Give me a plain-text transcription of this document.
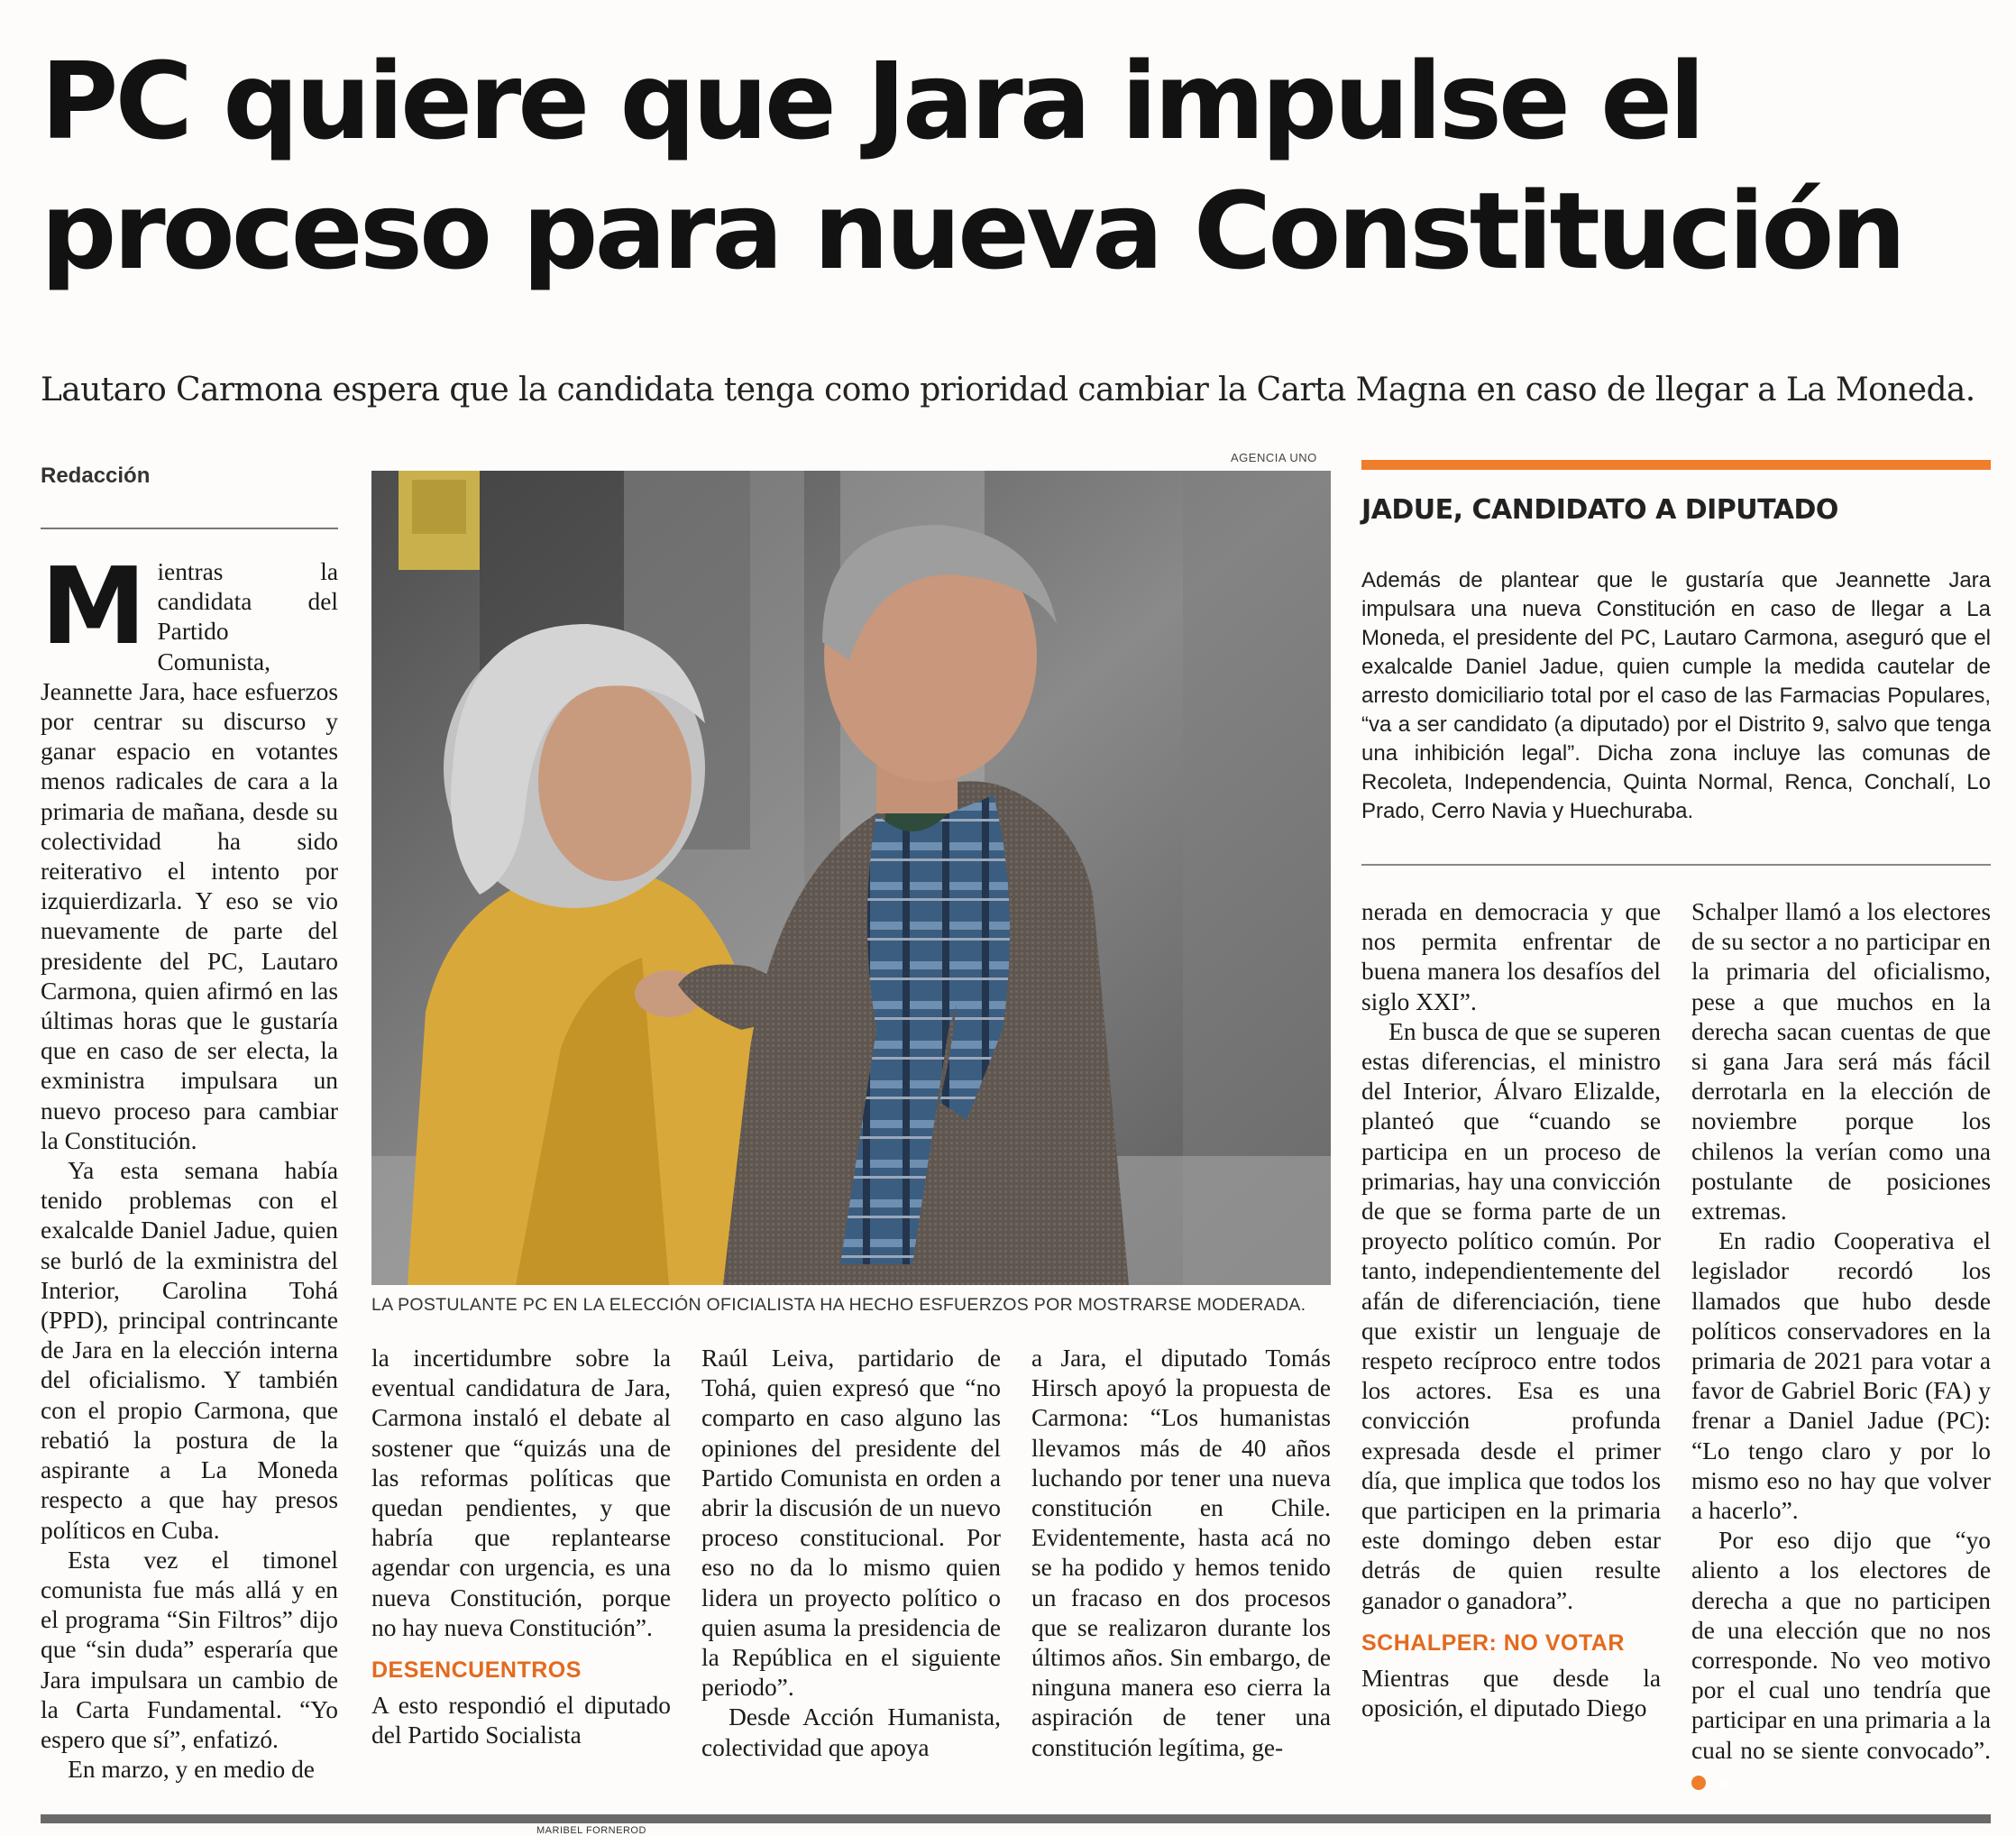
PC quiere que Jara impulse el proceso para nueva Constitución

Lautaro Carmona espera que la candidata tenga como prioridad cambiar la Carta Magna en caso de llegar a La Moneda.

Redacción

Mientras la candidata del Partido Comunista, Jeannette Jara, hace esfuerzos por centrar su discurso y ganar espacio en votantes menos radicales de cara a la primaria de mañana, desde su colectividad ha sido reiterativo el intento por izquierdizarla. Y eso se vio nuevamente de parte del presidente del PC, Lautaro Carmona, quien afirmó en las últimas horas que le gustaría que en caso de ser electa, la exministra impulsara un nuevo proceso para cambiar la Constitución.

Ya esta semana había tenido problemas con el exalcalde Daniel Jadue, quien se burló de la exministra del Interior, Carolina Tohá (PPD), principal contrincante de Jara en la elección interna del oficialismo. Y también con el propio Carmona, que rebatió la postura de la aspirante a La Moneda respecto a que hay presos políticos en Cuba.

Esta vez el timonel comunista fue más allá y en el programa “Sin Filtros” dijo que “sin duda” esperaría que Jara impulsara un cambio de la Carta Fundamental. “Yo espero que sí”, enfatizó.

En marzo, y en medio de

AGENCIA UNO
LA POSTULANTE PC EN LA ELECCIÓN OFICIALISTA HA HECHO ESFUERZOS POR MOSTRARSE MODERADA.
JADUE, CANDIDATO A DIPUTADO
Además de plantear que le gustaría que Jeannette Jara impulsara una nueva Constitución en caso de llegar a La Moneda, el presidente del PC, Lautaro Carmona, aseguró que el exalcalde Daniel Jadue, quien cumple la medida cautelar de arresto domiciliario total por el caso de las Farmacias Populares, “va a ser candidato (a diputado) por el Distrito 9, salvo que tenga una inhibición legal”. Dicha zona incluye las comunas de Recoleta, Independencia, Quinta Normal, Renca, Conchalí, Lo Prado, Cerro Navia y Huechuraba.

la incertidumbre sobre la eventual candidatura de Jara, Carmona instaló el debate al sostener que “quizás una de las reformas políticas que quedan pendientes, y que habría que replantearse agendar con urgencia, es una nueva Constitución, porque no hay nueva Constitución”.

DESENCUENTROS

A esto respondió el diputado del Partido Socialista

Raúl Leiva, partidario de Tohá, quien expresó que “no comparto en caso alguno las opiniones del presidente del Partido Comunista en orden a abrir la discusión de un nuevo proceso constitucional. Por eso no da lo mismo quien lidera un proyecto político o quien asuma la presidencia de la República en el siguiente periodo”.

Desde Acción Humanista, colectividad que apoya

a Jara, el diputado Tomás Hirsch apoyó la propuesta de Carmona: “Los humanistas llevamos más de 40 años luchando por tener una nueva constitución en Chile. Evidentemente, hasta acá no se ha podido y hemos tenido un fracaso en dos procesos que se realizaron durante los últimos años. Sin embargo, de ninguna manera eso cierra la aspiración de tener una constitución legítima, ge-

nerada en democracia y que nos permita enfrentar de buena manera los desafíos del siglo XXI”.

En busca de que se superen estas diferencias, el ministro del Interior, Álvaro Elizalde, planteó que “cuando se participa en un proceso de primarias, hay una convicción de que se forma parte de un proyecto político común. Por tanto, independientemente del afán de diferenciación, tiene que existir un lenguaje de respeto recíproco entre todos los actores. Esa es una convicción profunda expresada desde el primer día, que implica que todos los que participen en la primaria este domingo deben estar detrás de quien resulte ganador o ganadora”.

SCHALPER: NO VOTAR

Mientras que desde la oposición, el diputado Diego

Schalper llamó a los electores de su sector a no participar en la primaria del oficialismo, pese a que muchos en la derecha sacan cuentas de que si gana Jara será más fácil derrotarla en la elección de noviembre porque los chilenos la verían como una postulante de posiciones extremas.

En radio Cooperativa el legislador recordó los llamados que hubo desde políticos conservadores en la primaria de 2021 para votar a favor de Gabriel Boric (FA) y frenar a Daniel Jadue (PC): “Lo tengo claro y por lo mismo eso no hay que volver a hacerlo”.

Por eso dijo que “yo aliento a los electores de derecha a que no participen de una elección que no nos corresponde. No veo motivo por el cual uno tendría que participar en una primaria a la cual no se siente convocado”. ✪

MARIBEL FORNEROD
